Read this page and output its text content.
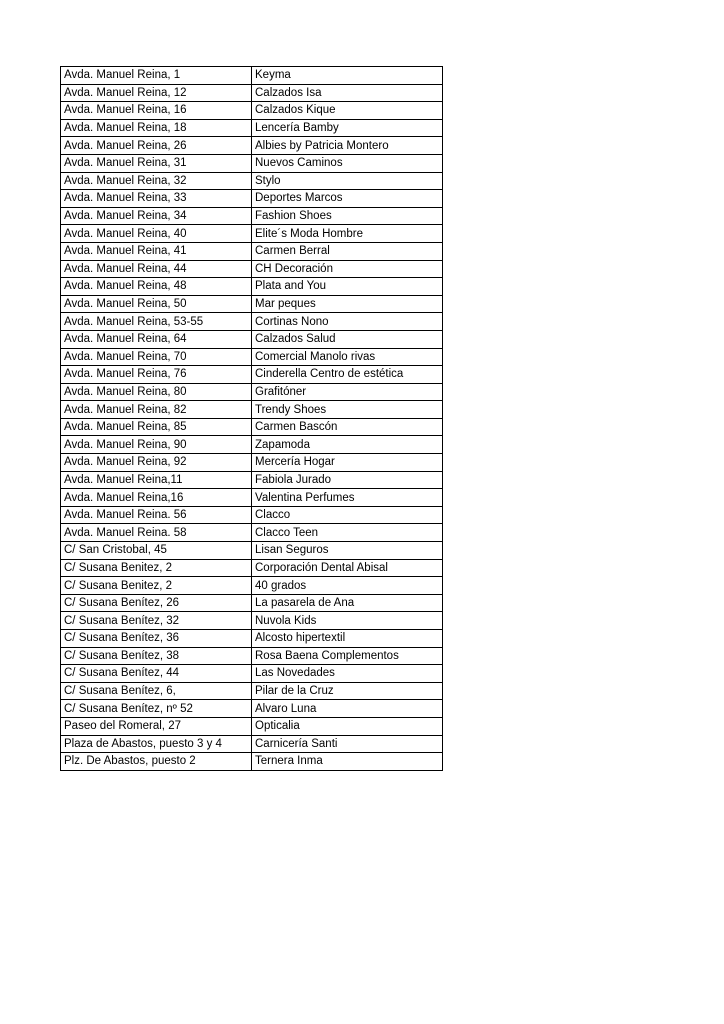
Avda. Manuel Reina, 1	Keyma
Avda. Manuel Reina, 12	Calzados Isa
Avda. Manuel Reina, 16	Calzados Kique
Avda. Manuel Reina, 18	Lencería Bamby
Avda. Manuel Reina, 26	Albies by Patricia Montero
Avda. Manuel Reina, 31	Nuevos Caminos
Avda. Manuel Reina, 32	Stylo
Avda. Manuel Reina, 33	Deportes Marcos
Avda. Manuel Reina, 34	Fashion Shoes
Avda. Manuel Reina, 40	Elite´s Moda Hombre
Avda. Manuel Reina, 41	Carmen Berral
Avda. Manuel Reina, 44	CH Decoración
Avda. Manuel Reina, 48	Plata and You
Avda. Manuel Reina, 50	Mar peques
Avda. Manuel Reina, 53-55	Cortinas Nono
Avda. Manuel Reina, 64	Calzados Salud
Avda. Manuel Reina, 70	Comercial Manolo rivas
Avda. Manuel Reina, 76	Cinderella Centro de estética
Avda. Manuel Reina, 80	Grafitóner
Avda. Manuel Reina, 82	Trendy Shoes
Avda. Manuel Reina, 85	Carmen Bascón
Avda. Manuel Reina, 90	Zapamoda
Avda. Manuel Reina, 92	Mercería Hogar
Avda. Manuel Reina,11	Fabiola Jurado
Avda. Manuel Reina,16	Valentina Perfumes
Avda. Manuel Reina. 56	Clacco
Avda. Manuel Reina. 58	Clacco Teen
C/ San Cristobal, 45	Lisan Seguros
C/ Susana Benitez, 2	Corporación Dental Abisal
C/ Susana Benitez, 2	40 grados
C/ Susana Benítez, 26	La pasarela de Ana
C/ Susana Benítez, 32	Nuvola Kids
C/ Susana Benítez, 36	Alcosto hipertextil
C/ Susana Benítez, 38	Rosa Baena Complementos
C/ Susana Benítez, 44	Las Novedades
C/ Susana Benítez, 6,	Pilar de la Cruz
C/ Susana Benítez, nº 52	Alvaro Luna
Paseo del Romeral, 27	Opticalia
Plaza de Abastos, puesto 3 y 4	Carnicería Santi
Plz. De Abastos, puesto 2	Ternera Inma
